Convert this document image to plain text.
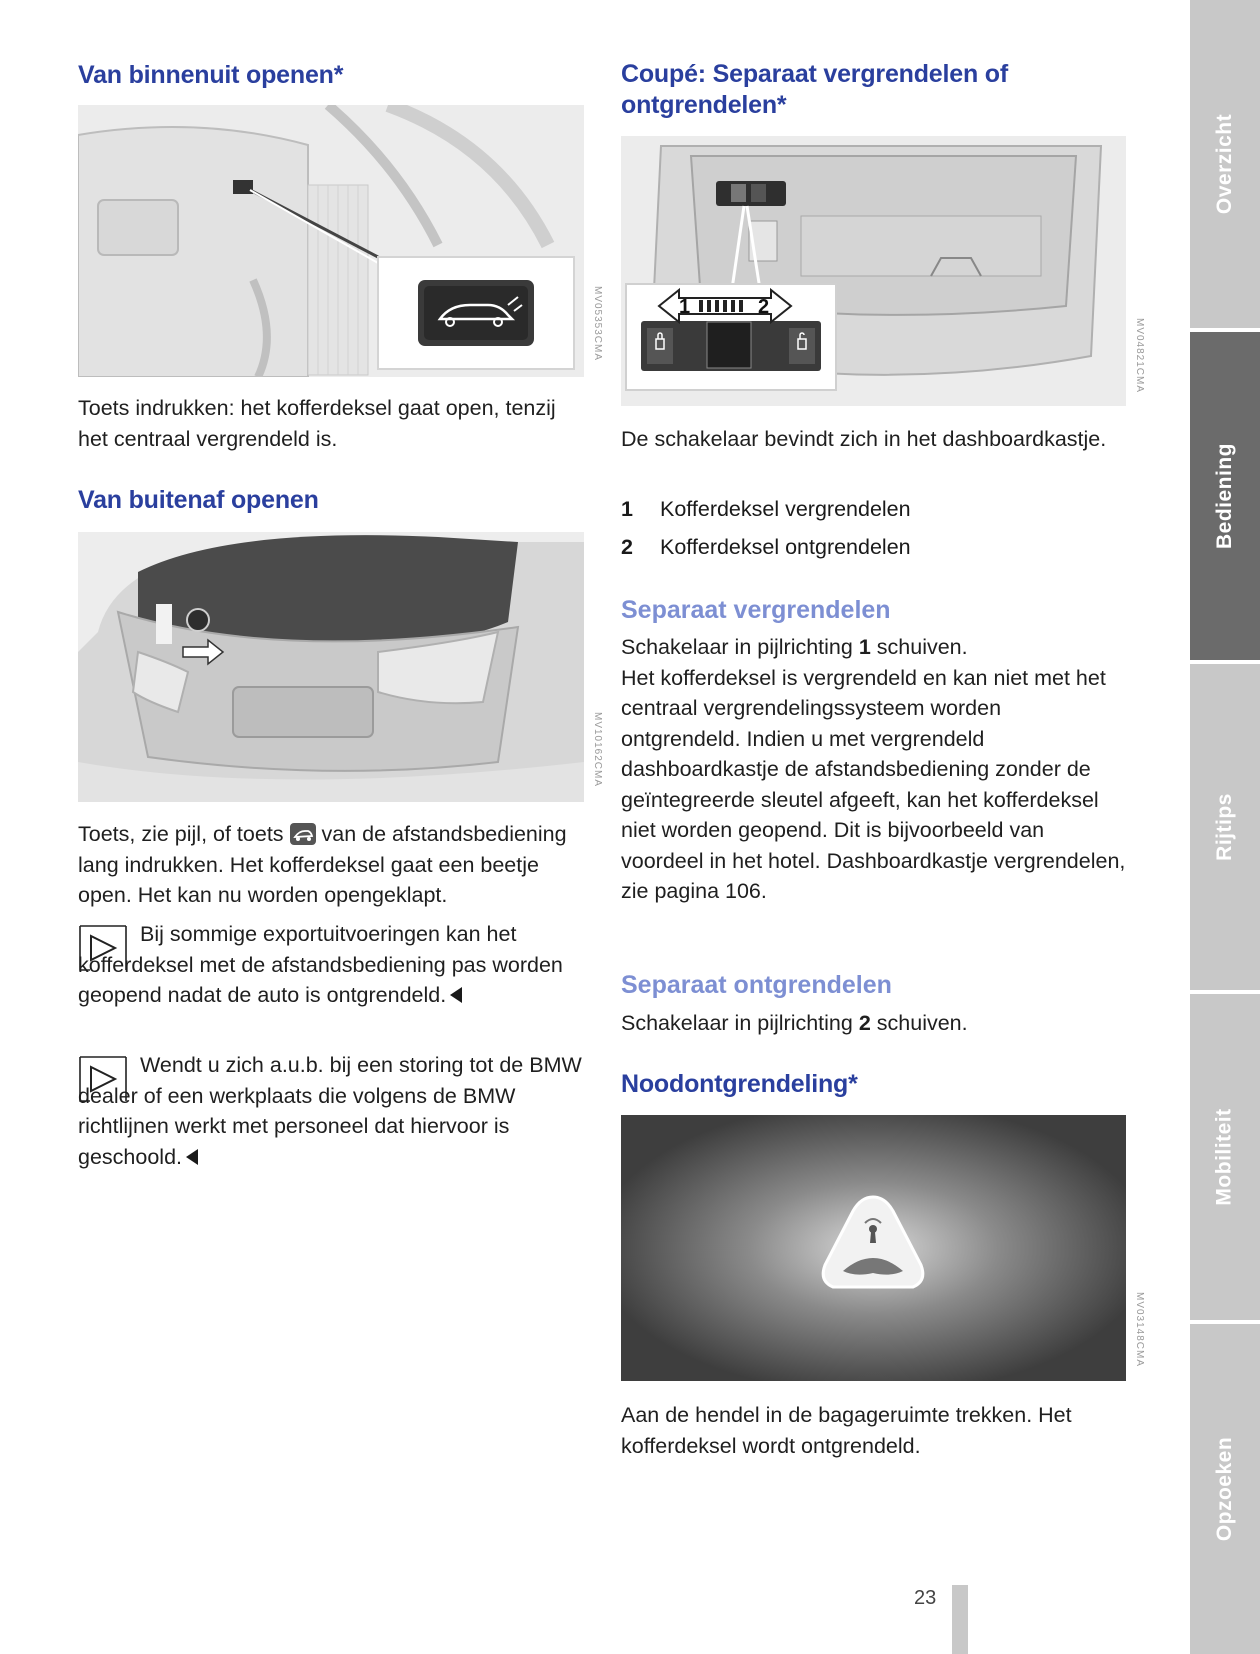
Van binnenuit openen*
MV05353CMA
Toets indrukken: het kofferdeksel gaat open, tenzij het centraal vergrendeld is.
Van buitenaf openen
MV10162CMA
Toets, zie pijl, of toets van de afstandsbediening lang indrukken. Het kofferdeksel gaat een beetje open. Het kan nu worden opengeklapt.
Bij sommige exportuitvoeringen kan het kofferdeksel met de afstandsbediening pas worden geopend nadat de auto is ontgrendeld.
Wendt u zich a.u.b. bij een storing tot de BMW dealer of een werkplaats die volgens de BMW richtlijnen werkt met personeel dat hiervoor is geschoold.
Coupé: Separaat vergrendelen of ontgrendelen*
1	2
MV04821CMA
De schakelaar bevindt zich in het dashboardkastje.
1 Kofferdeksel vergrendelen
2 Kofferdeksel ontgrendelen
Separaat vergrendelen
Schakelaar in pijlrichting 1 schuiven.
Het kofferdeksel is vergrendeld en kan niet met het centraal vergrendelingssysteem worden ontgrendeld. Indien u met vergrendeld dashboardkastje de afstandsbediening zonder de geïntegreerde sleutel afgeeft, kan het kofferdeksel niet worden geopend. Dit is bijvoorbeeld van voordeel in het hotel. Dashboardkastje vergrendelen, zie pagina 106.
Separaat ontgrendelen
Schakelaar in pijlrichting 2 schuiven.
Noodontgrendeling*
MV03148CMA
Aan de hendel in de bagageruimte trekken. Het kofferdeksel wordt ontgrendeld.
Overzicht
Bediening
Rijtips
Mobiliteit
Opzoeken
23
